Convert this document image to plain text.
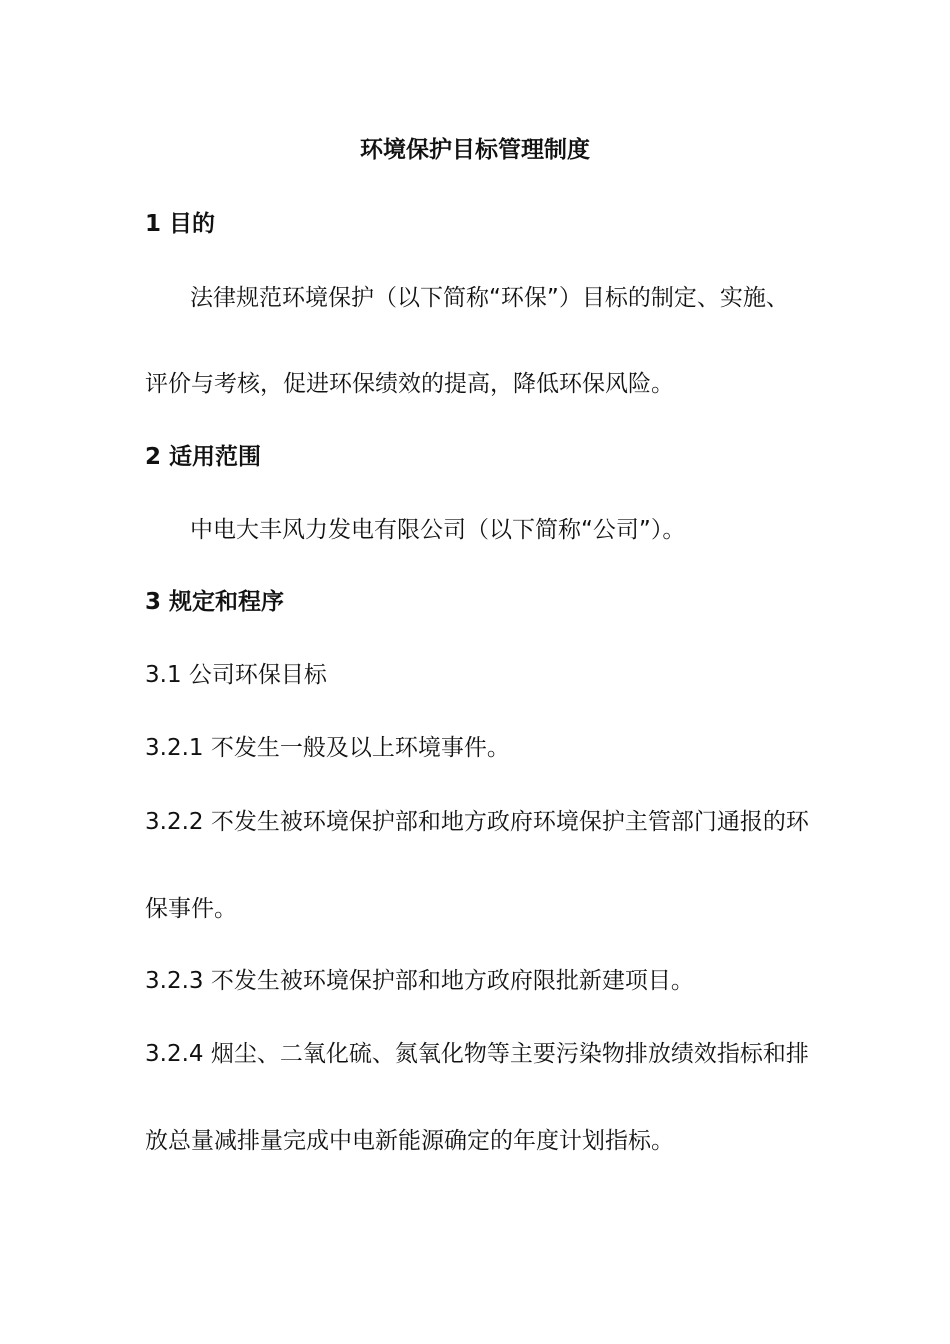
环境保护目标管理制度
1 目的
法律规范环境保护（以下简称“环保”）目标的制定、实施、
评价与考核，促进环保绩效的提高，降低环保风险。
2 适用范围
中电大丰风力发电有限公司（以下简称“公司”）。
3 规定和程序
3.1 公司环保目标
3.2.1 不发生一般及以上环境事件。
3.2.2 不发生被环境保护部和地方政府环境保护主管部门通报的环
保事件。
3.2.3 不发生被环境保护部和地方政府限批新建项目。
3.2.4 烟尘、二氧化硫、氮氧化物等主要污染物排放绩效指标和排
放总量减排量完成中电新能源确定的年度计划指标。
